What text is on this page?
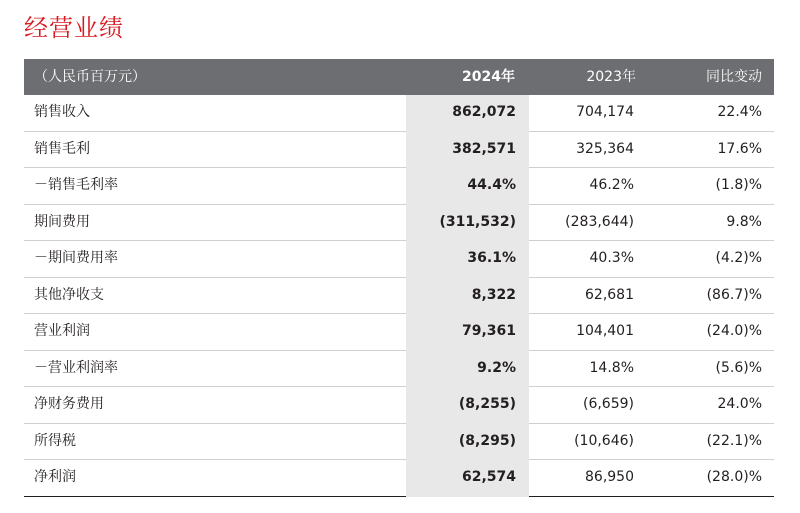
经营业绩
（人民币百万元）	2024年	2023年	同比变动
销售收入	862,072	704,174	22.4%
销售毛利	382,571	325,364	17.6%
－销售毛利率	44.4%	46.2%	(1.8)%
期间费用	(311,532)	(283,644)	9.8%
－期间费用率	36.1%	40.3%	(4.2)%
其他净收支	8,322	62,681	(86.7)%
营业利润	79,361	104,401	(24.0)%
－营业利润率	9.2%	14.8%	(5.6)%
净财务费用	(8,255)	(6,659)	24.0%
所得税	(8,295)	(10,646)	(22.1)%
净利润	62,574	86,950	(28.0)%
